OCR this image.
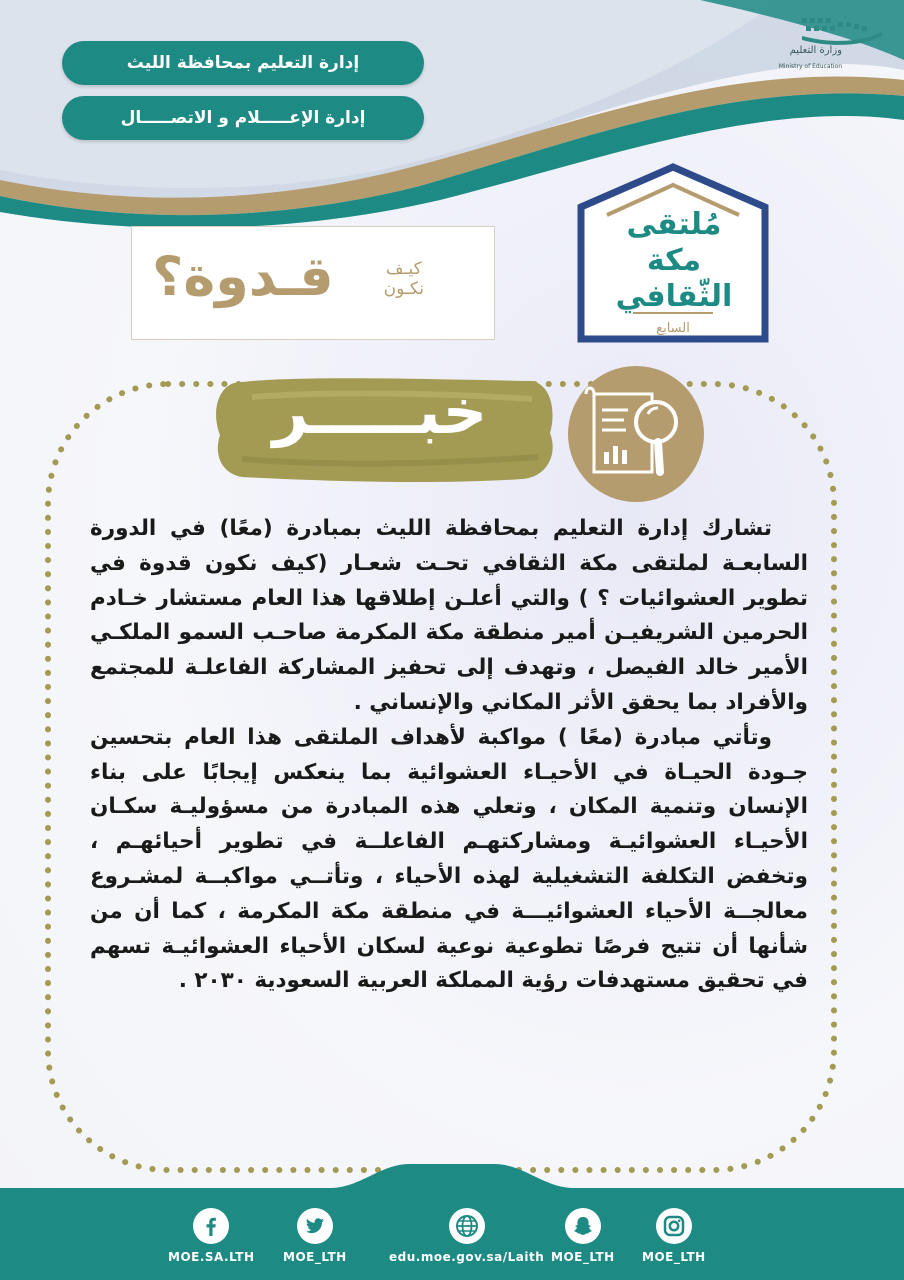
إدارة التعليم بمحافظة الليث
إدارة الإعـــــلام و الاتصـــــال
وزارة التعليم
Ministry of Education
كيـف
نكـون
قـدوة؟
مُلتقى
مكة
الثّقافي
السابع
خبـــــر

تشارك إدارة التعليم بمحافظة الليث بمبادرة (معًا) في الدورة السابعـة لملتقى مكة الثقافي تحـت شعـار (كيف نكون قدوة في تطوير العشوائيات ؟ ) والتي أعلـن إطلاقها هذا العام مستشار خـادم الحرمين الشريفيـن أمير منطقة مكة المكرمة صاحـب السمو الملكـي الأمير خالد الفيصل ، وتهدف إلى تحفيز المشاركة الفاعلـة للمجتمع والأفراد بما يحقق الأثر المكاني والإنساني .

وتأتي مبادرة (معًا ) مواكبة لأهداف الملتقى هذا العام بتحسين جـودة الحيـاة في الأحيـاء العشوائية بما ينعكس إيجابًا على بناء الإنسان وتنمية المكان ، وتعلي هذه المبادرة من مسؤوليـة سكـان الأحيـاء العشوائيـة ومشاركتهـم الفاعلــة في تطوير أحيائهـم ، وتخفض التكلفة التشغيلية لهذه الأحياء ، وتأتــي مواكبــة لمشـروع معالجــة الأحياء العشوائيـــة في منطقة مكة المكرمة ، كما أن من شأنها أن تتيح فرصًا تطوعية نوعية لسكان الأحياء العشوائيـة تسهم في تحقيق مستهدفات رؤية المملكة العربية السعودية ٢٠٣٠ .

MOE_LTH
MOE_LTH
edu.moe.gov.sa/Laith
MOE_LTH
MOE.SA.LTH
